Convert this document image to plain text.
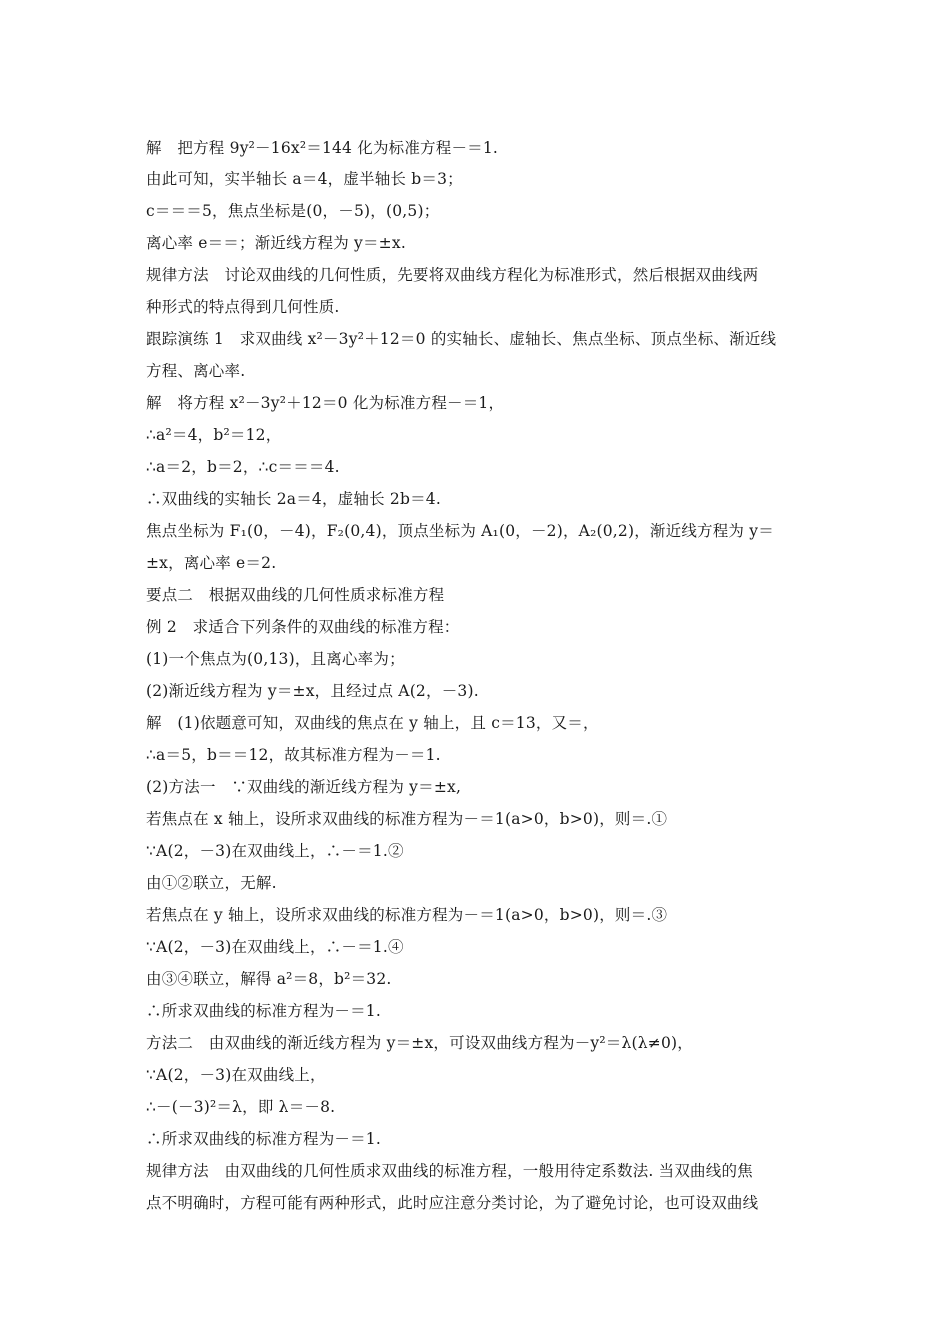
解　把方程 9y²－16x²＝144 化为标准方程－＝1.
由此可知，实半轴长 a＝4，虚半轴长 b＝3；
c＝＝＝5，焦点坐标是(0，－5)，(0,5)；
离心率 e＝＝；渐近线方程为 y＝±x.
规律方法　讨论双曲线的几何性质，先要将双曲线方程化为标准形式，然后根据双曲线两
种形式的特点得到几何性质.
跟踪演练 1　求双曲线 x²－3y²＋12＝0 的实轴长、虚轴长、焦点坐标、顶点坐标、渐近线
方程、离心率.
解　将方程 x²－3y²＋12＝0 化为标准方程－＝1，
∴a²＝4，b²＝12，
∴a＝2，b＝2，∴c＝＝＝4.
∴双曲线的实轴长 2a＝4，虚轴长 2b＝4.
焦点坐标为 F₁(0，－4)，F₂(0,4)，顶点坐标为 A₁(0，－2)，A₂(0,2)，渐近线方程为 y＝
±x，离心率 e＝2.
要点二　根据双曲线的几何性质求标准方程
例 2　求适合下列条件的双曲线的标准方程：
(1)一个焦点为(0,13)，且离心率为；
(2)渐近线方程为 y＝±x，且经过点 A(2，－3).
解　(1)依题意可知，双曲线的焦点在 y 轴上，且 c＝13，又＝，
∴a＝5，b＝＝12，故其标准方程为－＝1.
(2)方法一　∵双曲线的渐近线方程为 y＝±x,
若焦点在 x 轴上，设所求双曲线的标准方程为－＝1(a>0，b>0)，则＝.①
∵A(2，－3)在双曲线上，∴－＝1.②
由①②联立，无解.
若焦点在 y 轴上，设所求双曲线的标准方程为－＝1(a>0，b>0)，则＝.③
∵A(2，－3)在双曲线上，∴－＝1.④
由③④联立，解得 a²＝8，b²＝32.
∴所求双曲线的标准方程为－＝1.
方法二　由双曲线的渐近线方程为 y＝±x，可设双曲线方程为－y²＝λ(λ≠0)，
∵A(2，－3)在双曲线上，
∴－(－3)²＝λ，即 λ＝－8.
∴所求双曲线的标准方程为－＝1.
规律方法　由双曲线的几何性质求双曲线的标准方程，一般用待定系数法. 当双曲线的焦
点不明确时，方程可能有两种形式，此时应注意分类讨论，为了避免讨论，也可设双曲线
